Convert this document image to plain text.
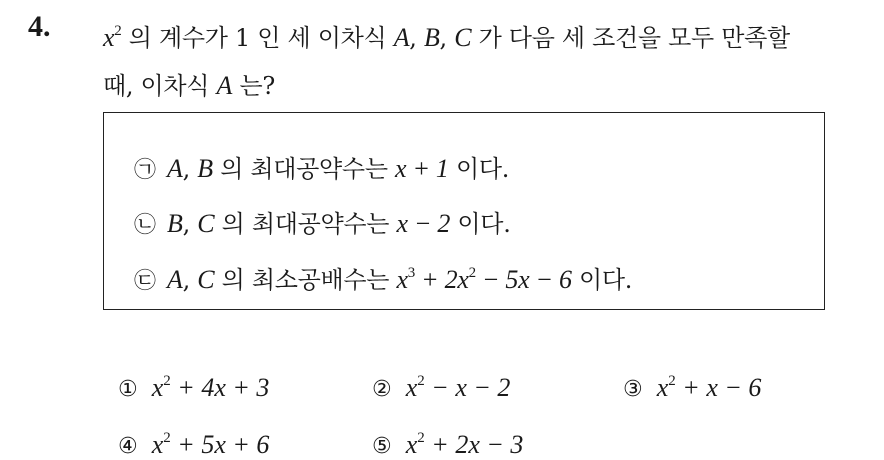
4. $x^2$ 의 계수가 1 인 세 이차식 A, B, C 가 다음 세 조건을 모두 만족할
때, 이차식 A 는?
㉠ A, B 의 최대공약수는 x + 1 이다.
㉡ B, C 의 최대공약수는 x − 2 이다.
㉢ A, C 의 최소공배수는 $x^3 + 2x^2 - 5x - 6$ 이다.
① $x^2 + 4x + 3$	② $x^2 - x - 2$	③ $x^2 + x - 6$
④ $x^2 + 5x + 6$	⑤ $x^2 + 2x - 3$
